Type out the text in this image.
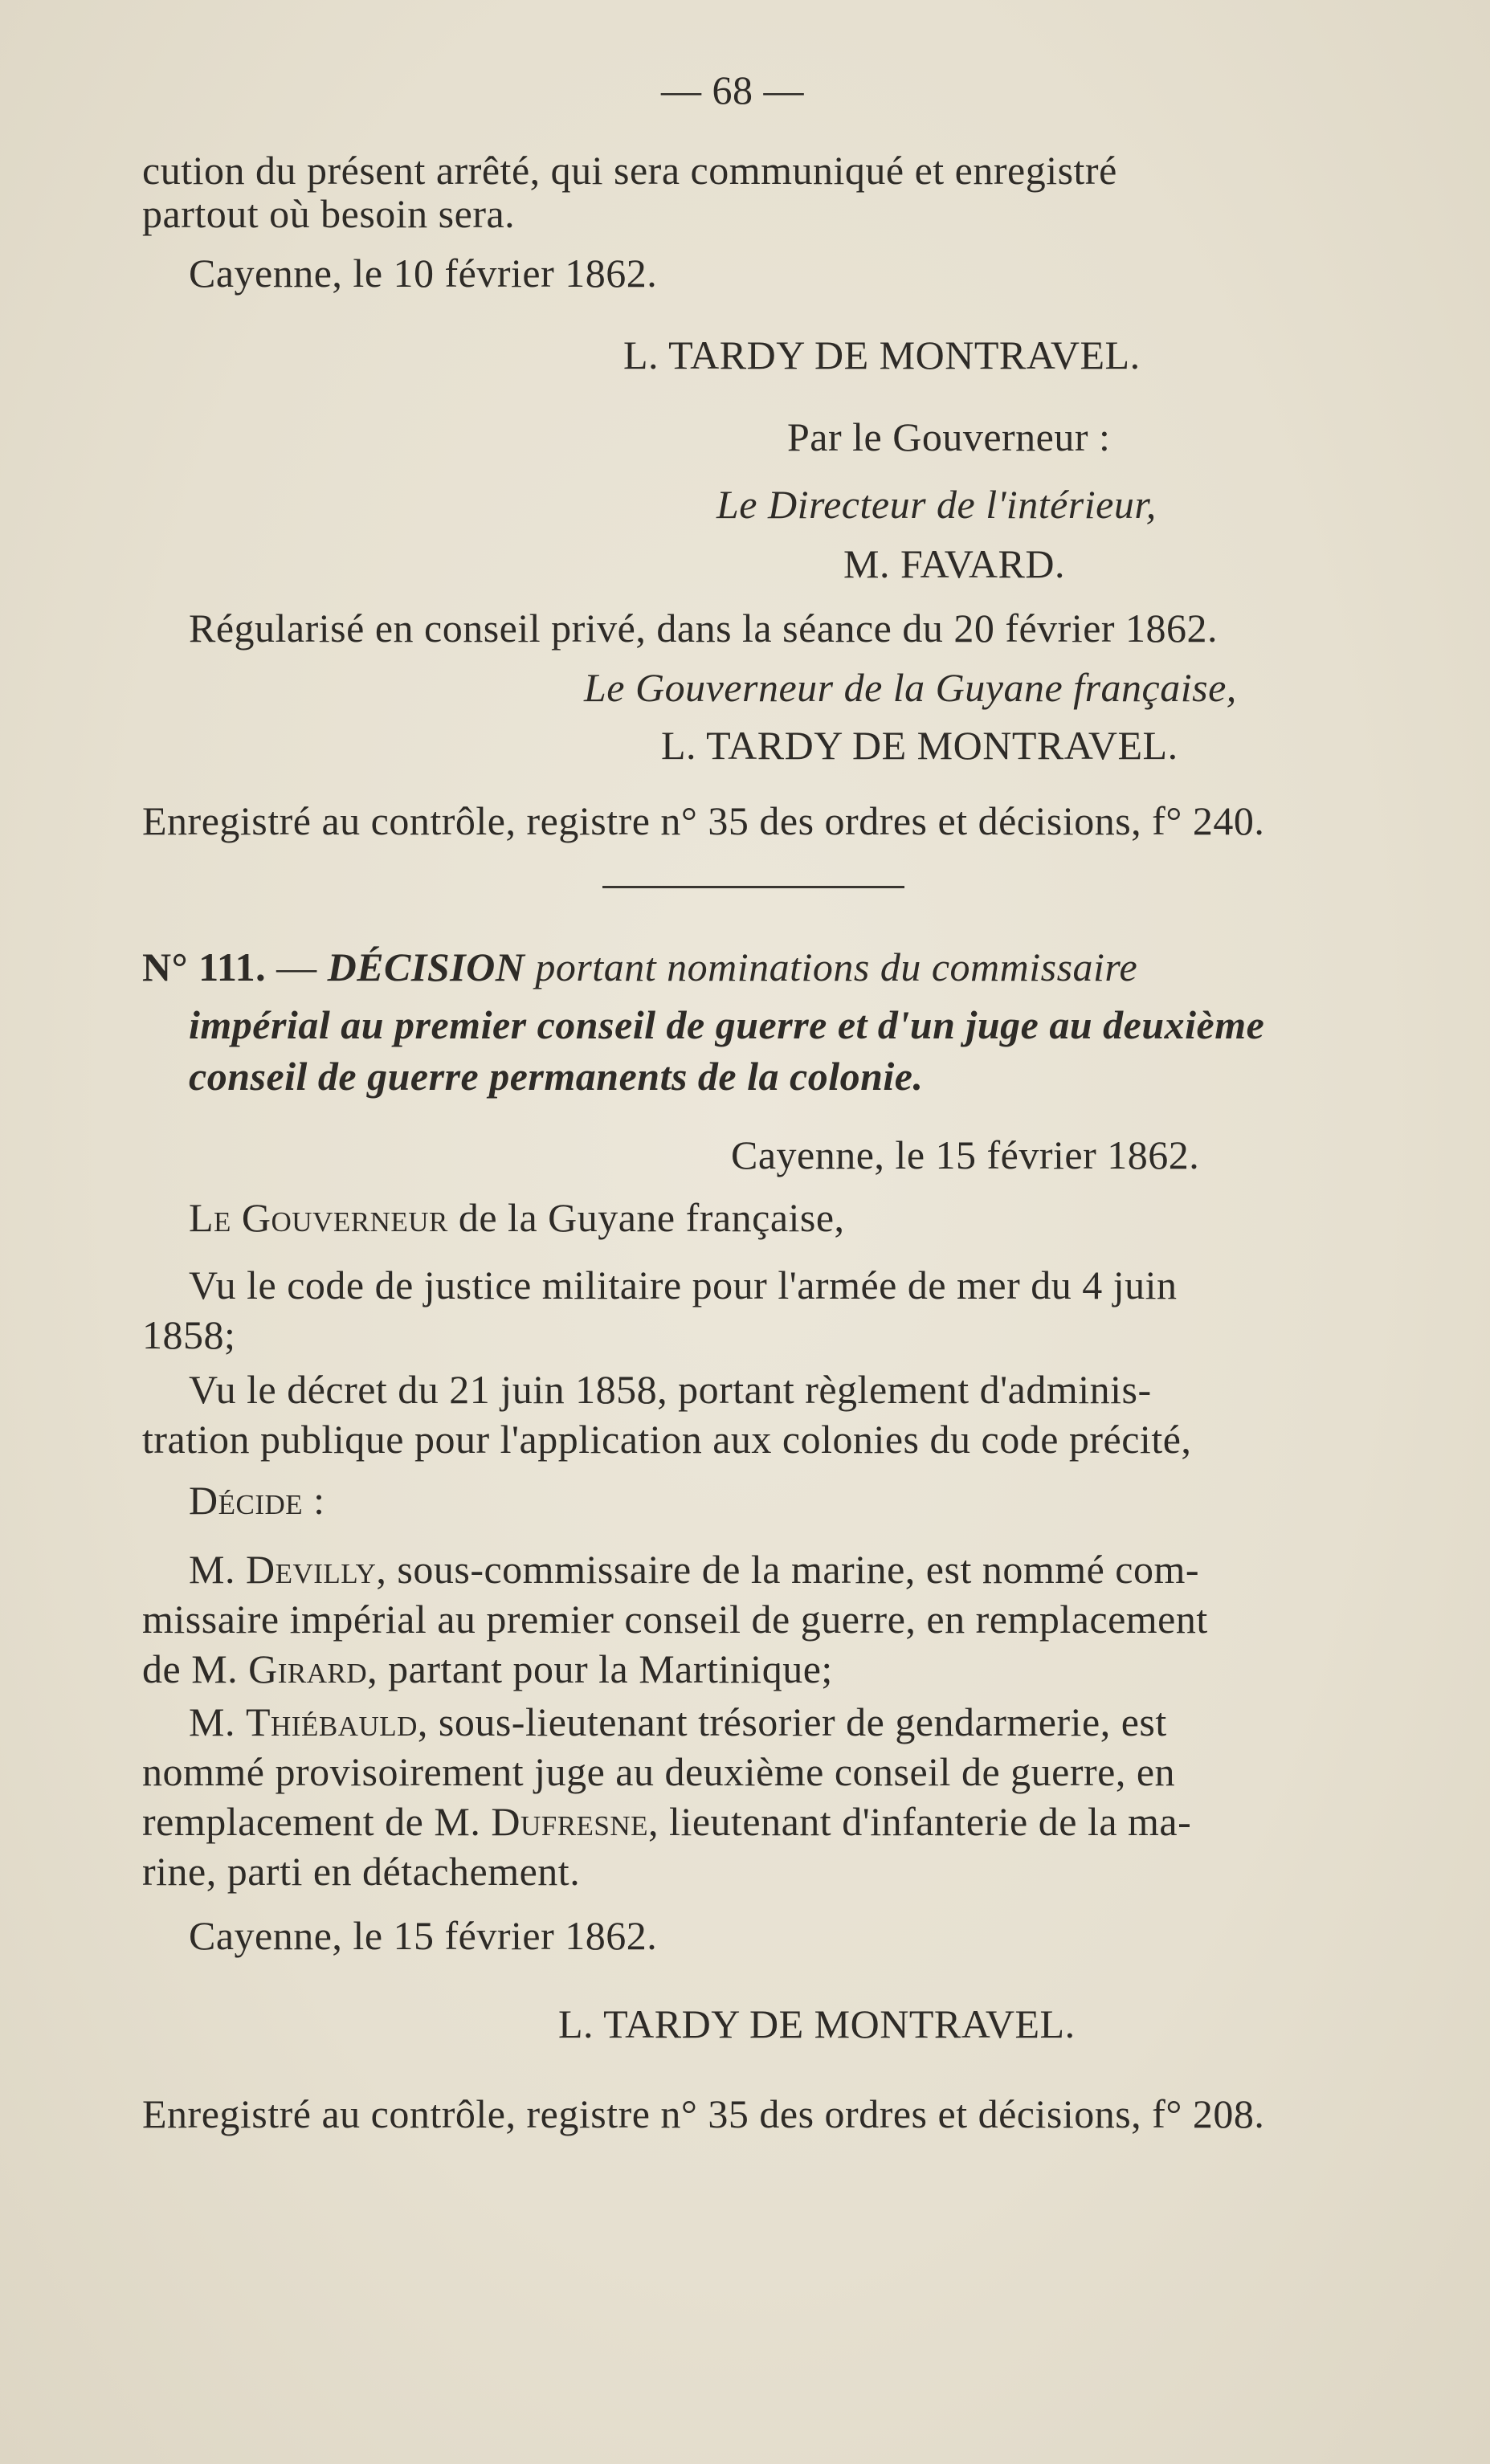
— 68 —
cution du présent arrêté, qui sera communiqué et enregistré
partout où besoin sera.
Cayenne, le 10 février 1862.
L. TARDY DE MONTRAVEL.
Par le Gouverneur :
Le Directeur de l'intérieur,
M. FAVARD.
Régularisé en conseil privé, dans la séance du 20 février 1862.
Le Gouverneur de la Guyane française,
L. TARDY DE MONTRAVEL.
Enregistré au contrôle, registre n° 35 des ordres et décisions, f° 240.
N° 111. — DÉCISION portant nominations du commissaire
impérial au premier conseil de guerre et d'un juge au deuxième
conseil de guerre permanents de la colonie.
Cayenne, le 15 février 1862.
Le Gouverneur de la Guyane française,
Vu le code de justice militaire pour l'armée de mer du 4 juin
1858;
Vu le décret du 21 juin 1858, portant règlement d'adminis-
tration publique pour l'application aux colonies du code précité,
Décide :
M. Devilly, sous-commissaire de la marine, est nommé com-
missaire impérial au premier conseil de guerre, en remplacement
de M. Girard, partant pour la Martinique;
M. Thiébauld, sous-lieutenant trésorier de gendarmerie, est
nommé provisoirement juge au deuxième conseil de guerre, en
remplacement de M. Dufresne, lieutenant d'infanterie de la ma-
rine, parti en détachement.
Cayenne, le 15 février 1862.
L. TARDY DE MONTRAVEL.
Enregistré au contrôle, registre n° 35 des ordres et décisions, f° 208.
